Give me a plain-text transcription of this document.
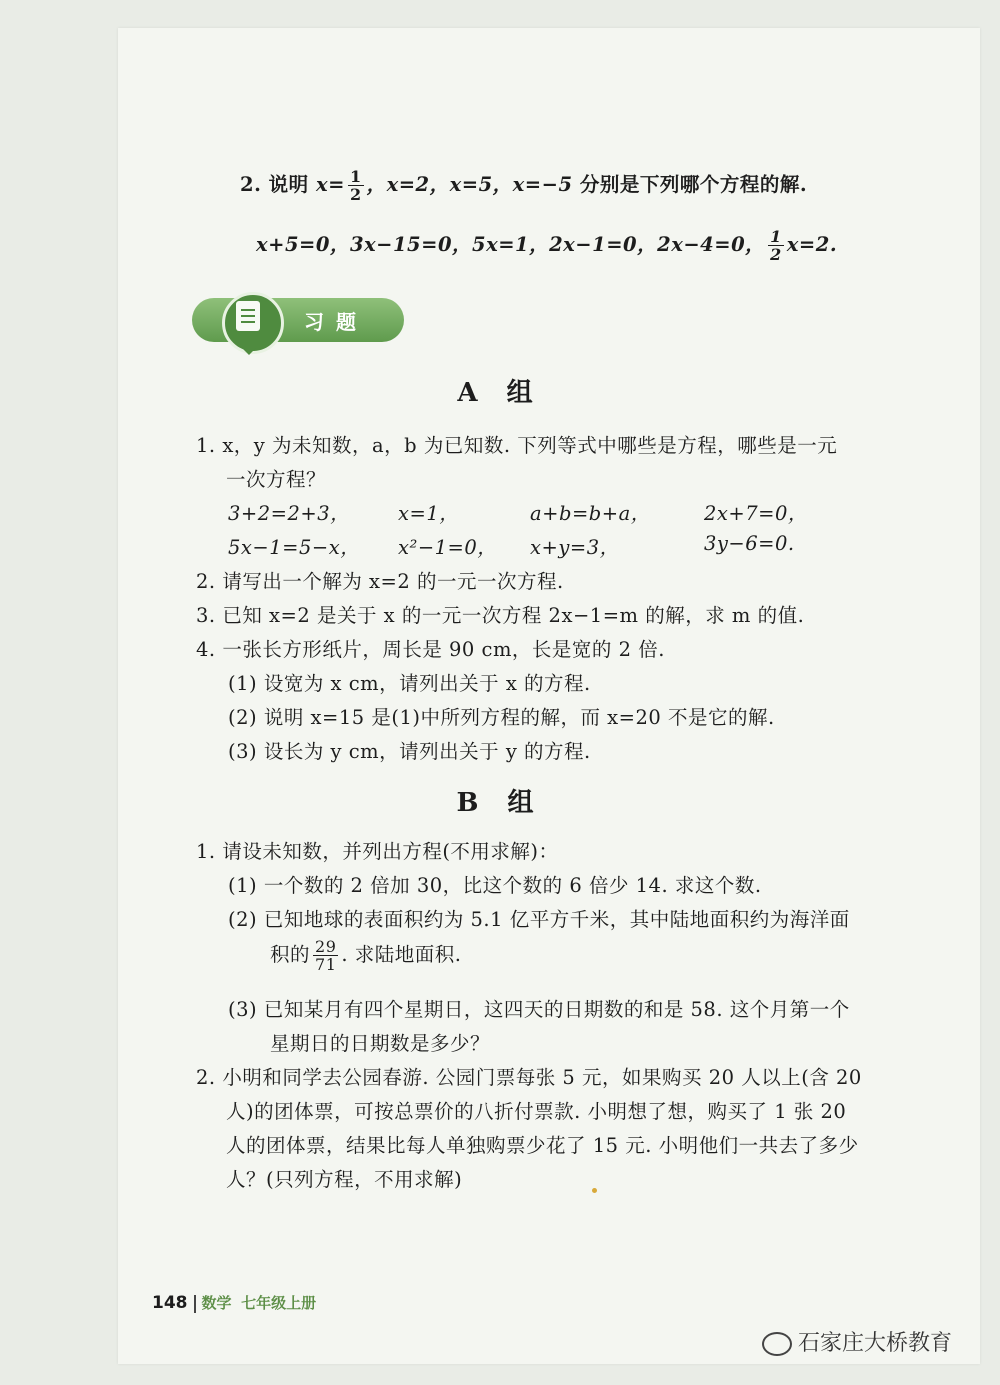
2. 说明 $x= \frac{1}{2}$ ，x=2，x=5，x=−5 分别是下列哪个方程的解.
x+5=0，3x−15=0，5x=1，2x−1=0，2x−4=0， $\frac{1}{2} x=2$.
习题
A 组
1. x，y 为未知数，a，b 为已知数. 下列等式中哪些是方程，哪些是一元
一次方程？
3+2=2+3， x=1，	a+b=b+a，	2x+7=0，
5x−1=5−x， x²−1=0， x+y=3，	3y−6=0.
2. 请写出一个解为 x=2 的一元一次方程.
3. 已知 x=2 是关于 x 的一元一次方程 2x−1=m 的解，求 m 的值.
4. 一张长方形纸片，周长是 90 cm，长是宽的 2 倍.
(1) 设宽为 x cm，请列出关于 x 的方程.
(2) 说明 x=15 是(1)中所列方程的解，而 x=20 不是它的解.
(3) 设长为 y cm，请列出关于 y 的方程.
B 组
1. 请设未知数，并列出方程(不用求解)：
(1) 一个数的 2 倍加 30，比这个数的 6 倍少 14. 求这个数.
(2) 已知地球的表面积约为 5.1 亿平方千米，其中陆地面积约为海洋面
积的 $\frac{29}{71}$ . 求陆地面积.
(3) 已知某月有四个星期日，这四天的日期数的和是 58. 这个月第一个
星期日的日期数是多少？
2. 小明和同学去公园春游. 公园门票每张 5 元，如果购买 20 人以上(含 20
人)的团体票，可按总票价的八折付票款. 小明想了想，购买了 1 张 20
人的团体票，结果比每人单独购票少花了 15 元. 小明他们一共去了多少
人？(只列方程，不用求解)
148 数学 七年级上册
石家庄大桥教育
